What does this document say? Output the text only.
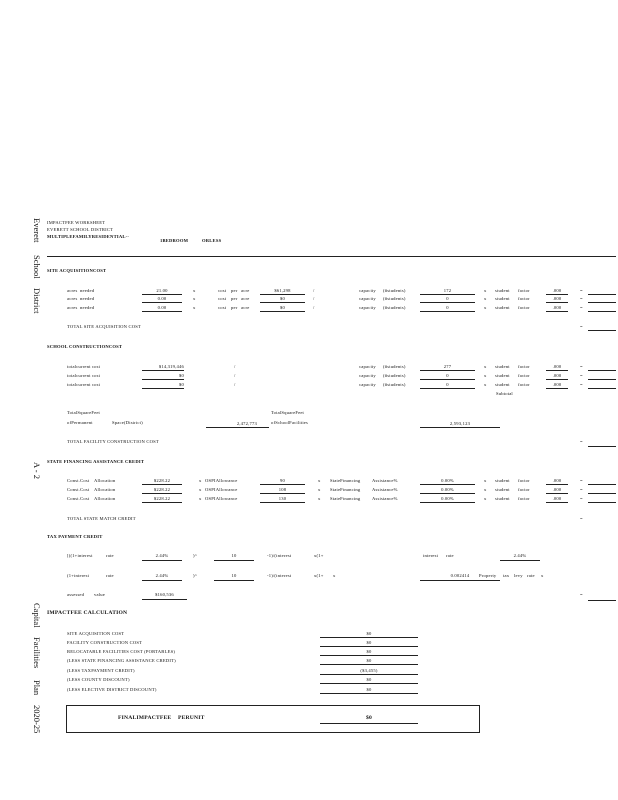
Everett
School
District
A - 2
Capital
Facilities
Plan
2020-25
IMPACTFEE WORKSHEET
EVERETT SCHOOL DISTRICT
MULTIPLEFAMILYRESIDENTIAL--
1BEDROOM	ORLESS
SITE ACQUISITIONCOST
acres needed	21.00	x	cost per acre	$61,298	/	capacity (#students)	172	x student factor	.000	=
acres needed	0.00	x	cost per acre	$0	/	capacity (#students)	0	x student factor	.000	=
acres needed	0.00	x	cost per acre	$0	/	capacity (#students)	0	x student factor	.000	=
TOTAL SITE ACQUISITION COST	=
SCHOOL CONSTRUCTIONCOST
totalcurrent cost	$14,319,446	/	capacity (#students)	277	x student factor	.000	=
totalcurrent cost	$0	/	capacity (#students)	0	x student factor	.000	=
totalcurrent cost	$0	/	capacity (#students)	0	x student factor	.000	=
Subtotal
TotalSquareFeet
ofPermanent	Space(District)	2,472,773
TotalSquareFeet
ofSchoolFacilities	2,593,123
TOTAL FACILITY CONSTRUCTION COST	=
STATE FINANCING ASSISTANCE CREDIT
Const.Cost Allocation	$228.22	x OSPIAllowance	90	x StateFinancing	Assistance%	0.00%	x student factor	.000	=
Const.Cost Allocation	$228.22	x OSPIAllowance	108	x StateFinancing	Assistance%	0.00%	x student factor	.000	=
Const.Cost Allocation	$228.22	x OSPIAllowance	130	x StateFinancing	Assistance%	0.00%	x student factor	.000	=
TOTAL STATE MATCH CREDIT	=
TAX PAYMENT CREDIT
[((1+interest	rate	2.44%	)^	10	-1)/(interest	x(1+	interest rate	2.44%
(1+interest	rate	2.44%	)^	10	-1)/(interest	x(1+ x	0.002414	Property tax levy rate x
assessed value	$160,536	=
IMPACTFEE CALCULATION
SITE ACQUISITION COST	$0
FACILITY CONSTRUCTION COST	$0
RELOCATABLE FACILITIES COST (PORTABLES)	$0
(LESS STATE FINANCING ASSISTANCE CREDIT)	$0
(LESS TAXPAYMENT CREDIT)	($3,455)
(LESS COUNTY DISCOUNT)	$0
(LESS ELECTIVE DISTRICT DISCOUNT)	$0
FINALIMPACTFEE PERUNIT	$0
